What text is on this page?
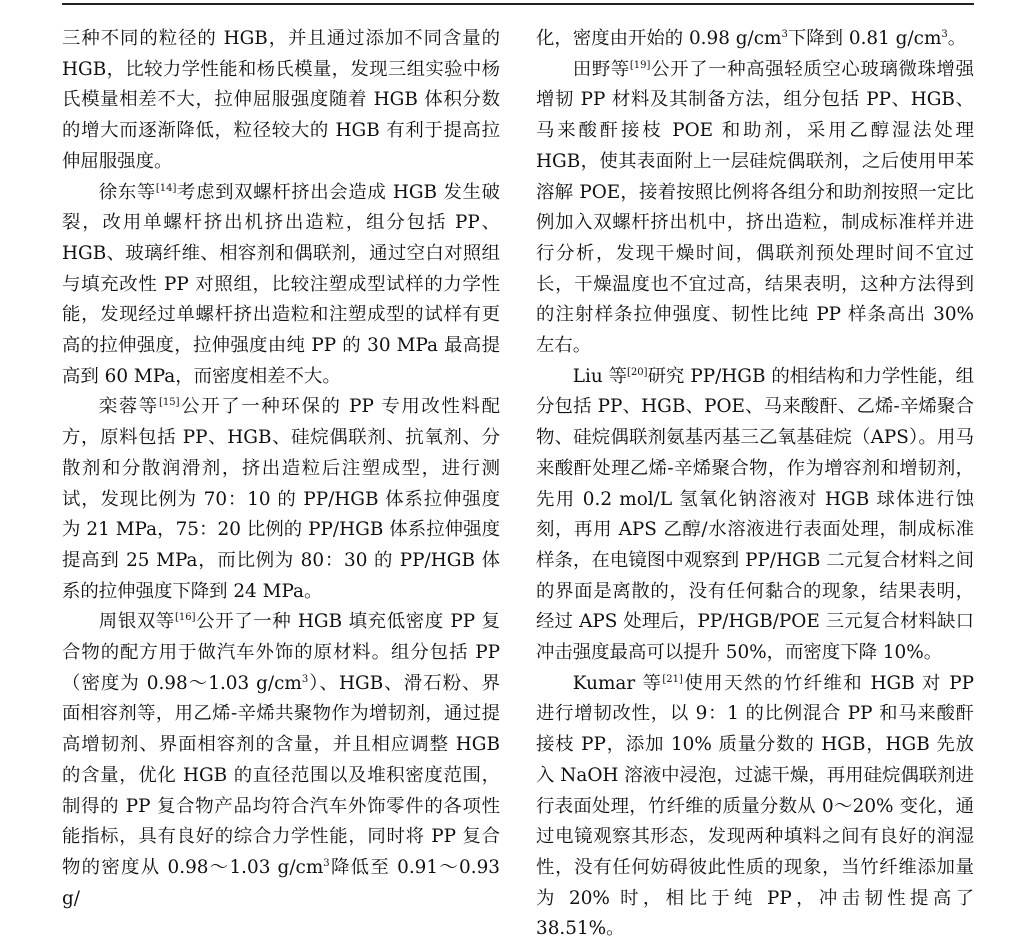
三种不同的粒径的 HGB，并且通过添加不同含量的 HGB，比较力学性能和杨氏模量，发现三组实验中杨氏模量相差不大，拉伸屈服强度随着 HGB 体积分数的增大而逐渐降低，粒径较大的 HGB 有利于提高拉伸屈服强度。

徐东等[14]考虑到双螺杆挤出会造成 HGB 发生破裂，改用单螺杆挤出机挤出造粒，组分包括 PP、HGB、玻璃纤维、相容剂和偶联剂，通过空白对照组与填充改性 PP 对照组，比较注塑成型试样的力学性能，发现经过单螺杆挤出造粒和注塑成型的试样有更高的拉伸强度，拉伸强度由纯 PP 的 30 MPa 最高提高到 60 MPa，而密度相差不大。

栾蓉等[15]公开了一种环保的 PP 专用改性料配方，原料包括 PP、HGB、硅烷偶联剂、抗氧剂、分散剂和分散润滑剂，挤出造粒后注塑成型，进行测试，发现比例为 70：10 的 PP/HGB 体系拉伸强度为 21 MPa，75：20 比例的 PP/HGB 体系拉伸强度提高到 25 MPa，而比例为 80：30 的 PP/HGB 体系的拉伸强度下降到 24 MPa。

周银双等[16]公开了一种 HGB 填充低密度 PP 复合物的配方用于做汽车外饰的原材料。组分包括 PP（密度为 0.98～1.03 $g/cm^3$）、HGB、滑石粉、界面相容剂等，用乙烯-辛烯共聚物作为增韧剂，通过提高增韧剂、界面相容剂的含量，并且相应调整 HGB 的含量，优化 HGB 的直径范围以及堆积密度范围，制得的 PP 复合物产品均符合汽车外饰零件的各项性能指标，具有良好的综合力学性能，同时将 PP 复合物的密度从 0.98～1.03 $g/cm^3$降低至 0.91～0.93 g/

化，密度由开始的 0.98 $g/cm^3$下降到 0.81 $g/cm^3$。

田野等[19]公开了一种高强轻质空心玻璃微珠增强增韧 PP 材料及其制备方法，组分包括 PP、HGB、马来酸酐接枝 POE 和助剂，采用乙醇湿法处理 HGB，使其表面附上一层硅烷偶联剂，之后使用甲苯溶解 POE，接着按照比例将各组分和助剂按照一定比例加入双螺杆挤出机中，挤出造粒，制成标准样并进行分析，发现干燥时间，偶联剂预处理时间不宜过长，干燥温度也不宜过高，结果表明，这种方法得到的注射样条拉伸强度、韧性比纯 PP 样条高出 30% 左右。

Liu 等[20]研究 PP/HGB 的相结构和力学性能，组分包括 PP、HGB、POE、马来酸酐、乙烯-辛烯聚合物、硅烷偶联剂氨基丙基三乙氧基硅烷（APS）。用马来酸酐处理乙烯-辛烯聚合物，作为增容剂和增韧剂，先用 0.2 mol/L 氢氧化钠溶液对 HGB 球体进行蚀刻，再用 APS 乙醇/水溶液进行表面处理，制成标准样条，在电镜图中观察到 PP/HGB 二元复合材料之间的界面是离散的，没有任何黏合的现象，结果表明，经过 APS 处理后，PP/HGB/POE 三元复合材料缺口冲击强度最高可以提升 50%，而密度下降 10%。

Kumar 等[21]使用天然的竹纤维和 HGB 对 PP 进行增韧改性，以 9：1 的比例混合 PP 和马来酸酐接枝 PP，添加 10% 质量分数的 HGB，HGB 先放入 NaOH 溶液中浸泡，过滤干燥，再用硅烷偶联剂进行表面处理，竹纤维的质量分数从 0～20% 变化，通过电镜观察其形态，发现两种填料之间有良好的润湿性，没有任何妨碍彼此性质的现象，当竹纤维添加量为 20% 时，相比于纯 PP，冲击韧性提高了 38.51%。
